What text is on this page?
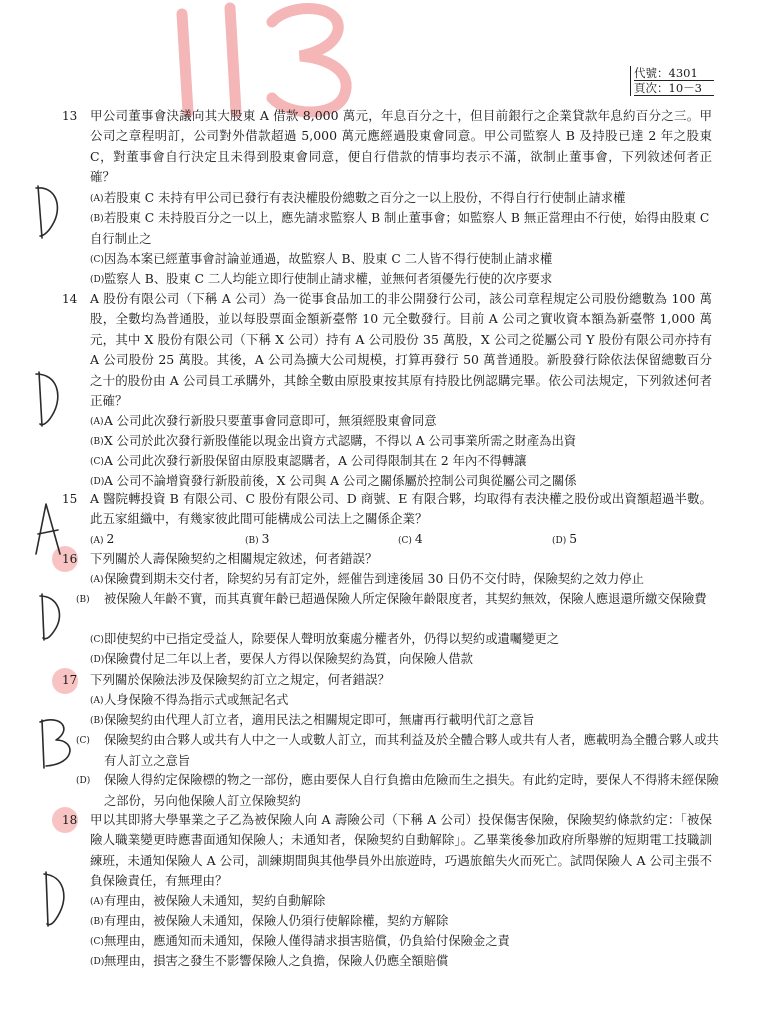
代號：4301
頁次：10－3
13 甲公司董事會決議向其大股東 A 借款 8,000 萬元，年息百分之十，但目前銀行之企業貸款年息約百分之三。甲公司之章程明訂，公司對外借款超過 5,000 萬元應經過股東會同意。甲公司監察人 B 及持股已達 2 年之股東 C，對董事會自行決定且未得到股東會同意，便自行借款的情事均表示不滿，欲制止董事會，下列敘述何者正確？
(A)若股東 C 未持有甲公司已發行有表決權股份總數之百分之一以上股份，不得自行行使制止請求權
(B)若股東 C 未持股百分之一以上，應先請求監察人 B 制止董事會；如監察人 B 無正當理由不行使，始得由股東 C 自行制止之
(C)因為本案已經董事會討論並通過，故監察人 B、股東 C 二人皆不得行使制止請求權
(D)監察人 B、股東 C 二人均能立即行使制止請求權，並無何者須優先行使的次序要求
14 A 股份有限公司（下稱 A 公司）為一從事食品加工的非公開發行公司，該公司章程規定公司股份總數為 100 萬股，全數均為普通股，並以每股票面金額新臺幣 10 元全數發行。目前 A 公司之實收資本額為新臺幣 1,000 萬元，其中 X 股份有限公司（下稱 X 公司）持有 A 公司股份 35 萬股，X 公司之從屬公司 Y 股份有限公司亦持有 A 公司股份 25 萬股。其後，A 公司為擴大公司規模，打算再發行 50 萬普通股。新股發行除依法保留總數百分之十的股份由 A 公司員工承購外，其餘全數由原股東按其原有持股比例認購完畢。依公司法規定，下列敘述何者正確？
(A)A 公司此次發行新股只要董事會同意即可，無須經股東會同意
(B)X 公司於此次發行新股僅能以現金出資方式認購，不得以 A 公司事業所需之財產為出資
(C)A 公司此次發行新股保留由原股東認購者，A 公司得限制其在 2 年內不得轉讓
(D)A 公司不論增資發行新股前後，X 公司與 A 公司之關係屬於控制公司與從屬公司之關係
15 A 醫院轉投資 B 有限公司、C 股份有限公司、D 商號、E 有限合夥，均取得有表決權之股份或出資額超過半數。此五家組織中，有幾家彼此間可能構成公司法上之關係企業？
(A) 2	(B) 3	(C) 4	(D) 5
16 下列關於人壽保險契約之相關規定敘述，何者錯誤？
(A)保險費到期未交付者，除契約另有訂定外，經催告到達後屆 30 日仍不交付時，保險契約之效力停止
(B) 被保險人年齡不實，而其真實年齡已超過保險人所定保險年齡限度者，其契約無效，保險人應退還所繳交保險費
(C)即使契約中已指定受益人，除要保人聲明放棄處分權者外，仍得以契約或遺囑變更之
(D)保險費付足二年以上者，要保人方得以保險契約為質，向保險人借款
17 下列關於保險法涉及保險契約訂立之規定，何者錯誤？
(A)人身保險不得為指示式或無記名式
(B)保險契約由代理人訂立者，適用民法之相關規定即可，無庸再行載明代訂之意旨
(C) 保險契約由合夥人或共有人中之一人或數人訂立，而其利益及於全體合夥人或共有人者，應載明為全體合夥人或共有人訂立之意旨
(D) 保險人得約定保險標的物之一部份，應由要保人自行負擔由危險而生之損失。有此約定時，要保人不得將未經保險之部份，另向他保險人訂立保險契約
18 甲以其即將大學畢業之子乙為被保險人向 A 壽險公司（下稱 A 公司）投保傷害保險，保險契約條款約定：「被保險人職業變更時應書面通知保險人；未通知者，保險契約自動解除」。乙畢業後參加政府所舉辦的短期電工技職訓練班，未通知保險人 A 公司，訓練期間與其他學員外出旅遊時，巧遇旅館失火而死亡。試問保險人 A 公司主張不負保險責任，有無理由？
(A)有理由，被保險人未通知，契約自動解除
(B)有理由，被保險人未通知，保險人仍須行使解除權，契約方解除
(C)無理由，應通知而未通知，保險人僅得請求損害賠償，仍負給付保險金之責
(D)無理由，損害之發生不影響保險人之負擔，保險人仍應全額賠償
